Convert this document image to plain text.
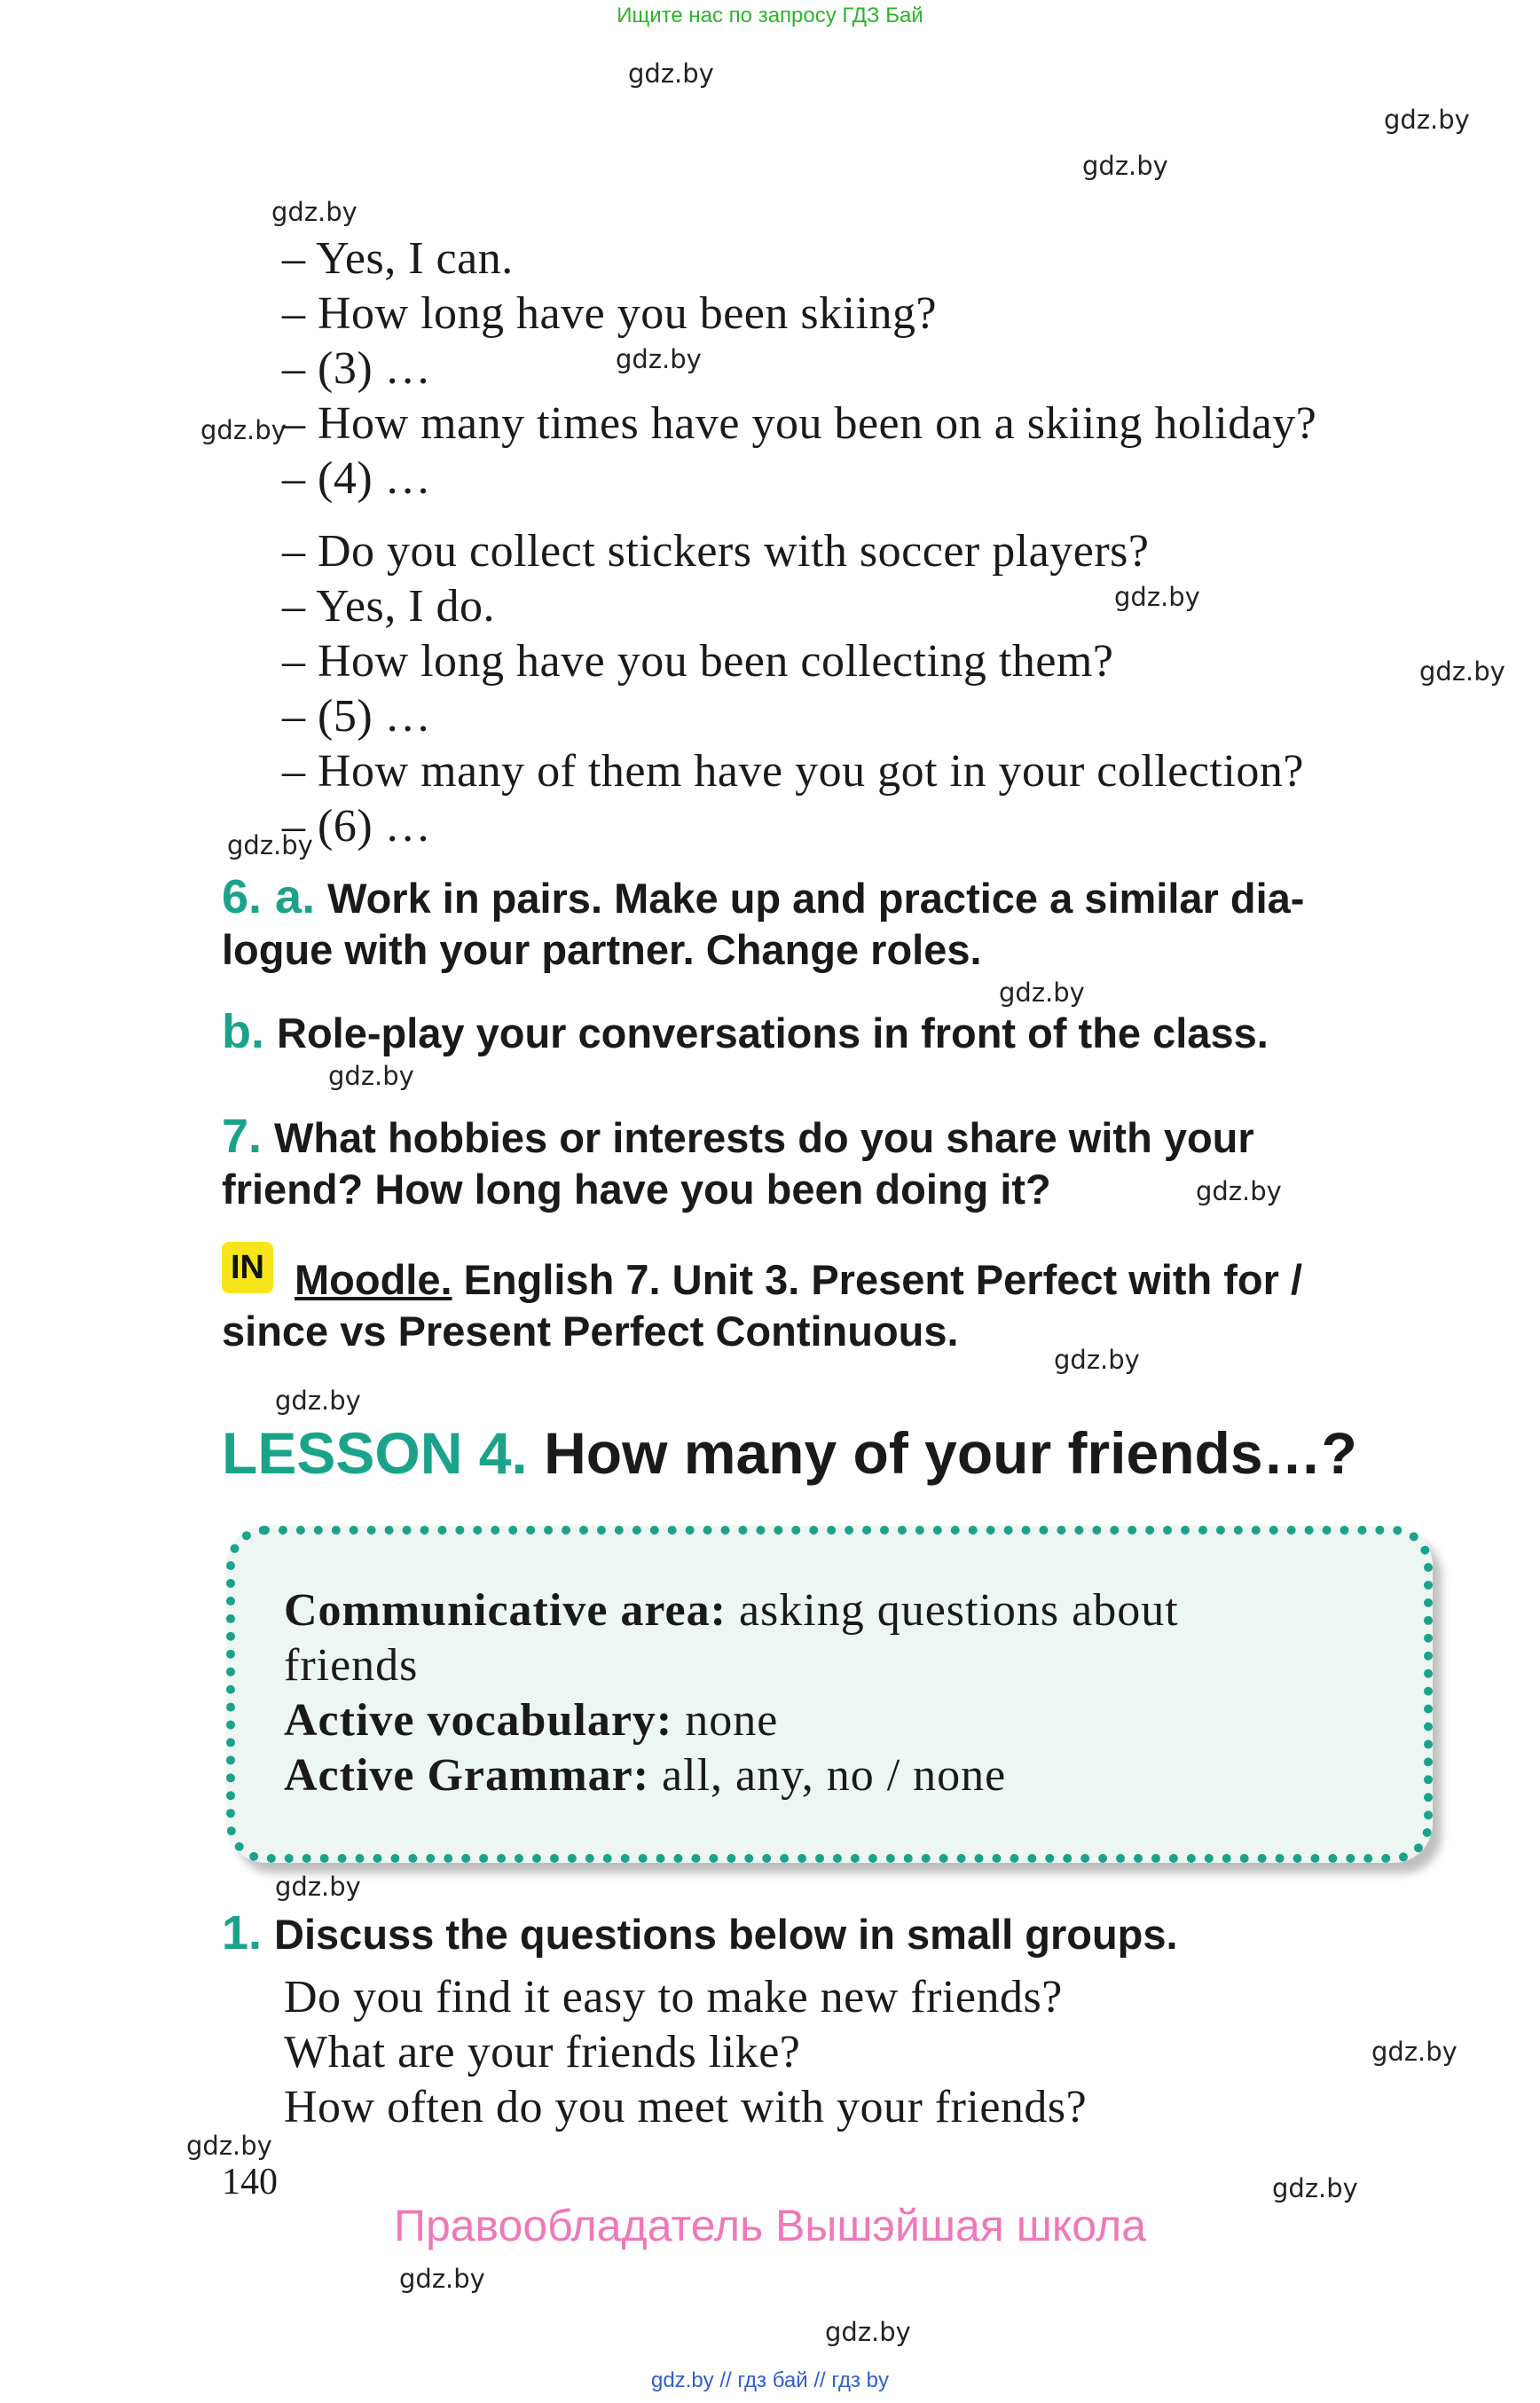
Ищите нас по запросу ГДЗ Бай
gdz.by
gdz.by
gdz.by
gdz.by
gdz.by
gdz.by
gdz.by
gdz.by
gdz.by
gdz.by
gdz.by
gdz.by
gdz.by
gdz.by
gdz.by
gdz.by
gdz.by
gdz.by
gdz.by
gdz.by
– Yes, I can.
– How long have you been skiing?
– (3) …
– How many times have you been on a skiing holiday?
– (4) …
– Do you collect stickers with soccer players?
– Yes, I do.
– How long have you been collecting them?
– (5) …
– How many of them have you got in your collection?
– (6) …
6. a. Work in pairs. Make up and practice a similar dia-
logue with your partner. Change roles.
b. Role-play your conversations in front of the class.
7. What hobbies or interests do you share with your
friend? How long have you been doing it?
IN Moodle. English 7. Unit 3. Present Perfect with for /
since vs Present Perfect Continuous.
LESSON 4. How many of your friends…?
Communicative area: asking questions about
friends
Active vocabulary: none
Active Grammar: all, any, no / none
1. Discuss the questions below in small groups.
Do you find it easy to make new friends?
What are your friends like?
How often do you meet with your friends?
140
Правообладатель Вышэйшая школа
gdz.by // гдз бай // гдз by
